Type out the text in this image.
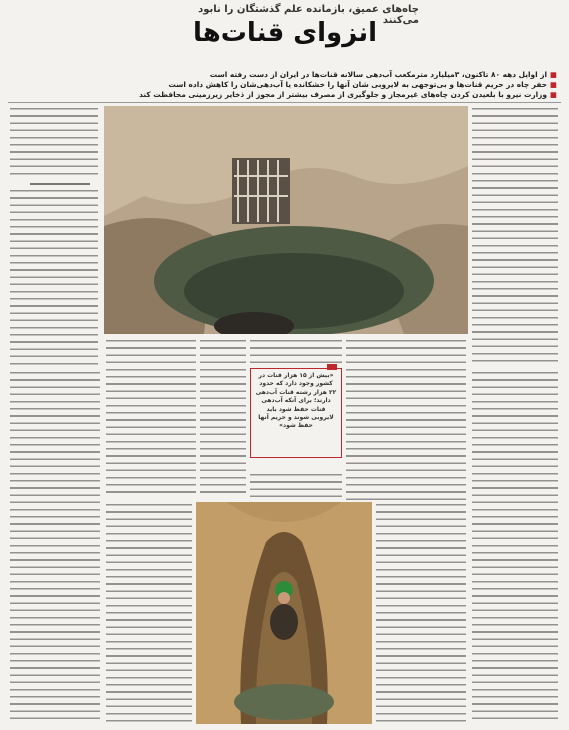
چاه‌های عمیق، بازمانده علم گذشتگان را نابود می‌کنند
انزوای قنات‌ها
■از اوایل دهه ۸۰ تاکنون، ۳میلیارد مترمکعب آب‌دهی سالانه قنات‌ها در ایران از دست رفته است
■حفر چاه در حریم قنات‌ها و بی‌توجهی به لایروبی شان آنها را خشکانده یا آب‌دهی‌شان را کاهش داده است
■وزارت نیرو با بلعیدن کردن چاه‌های غیرمجاز و جلوگیری از مصرف بیشتر از مجوز از ذخایر زیرزمینی محافظت کند
«بیش از ۱۵ هزار قنات در کشور وجود دارد که حدود ۲۲ هزار رشته قنات آب‌دهی دارند؛ برای آنکه آب‌دهی قنات حفظ شود باید لایروبی شوند و حریم آنها حفظ شود»
